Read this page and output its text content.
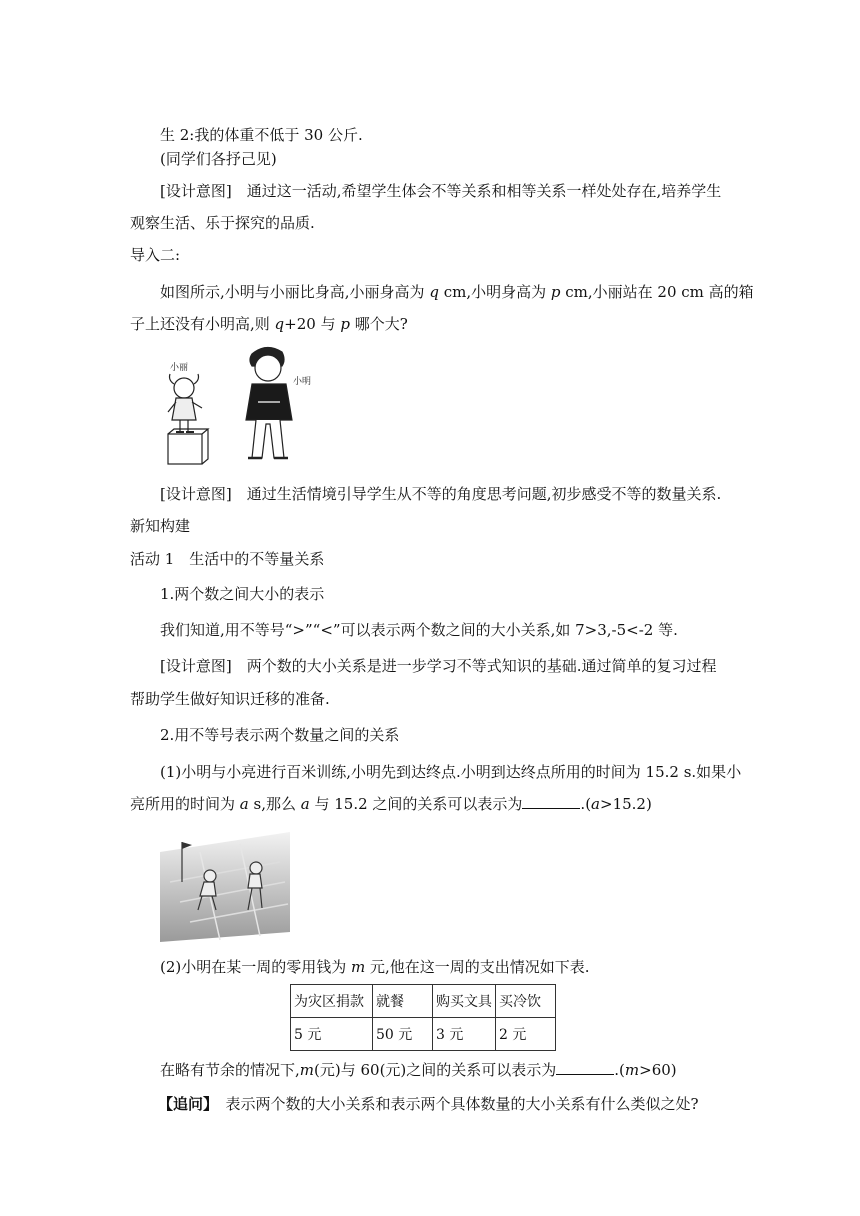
生 2:我的体重不低于 30 公斤.
(同学们各抒己见)
[设计意图]　通过这一活动,希望学生体会不等关系和相等关系一样处处存在,培养学生
观察生活、乐于探究的品质.
导入二:
如图所示,小明与小丽比身高,小丽身高为 q cm,小明身高为 p cm,小丽站在 20 cm 高的箱
子上还没有小明高,则 q+20 与 p 哪个大?
小丽
小明
[设计意图]　通过生活情境引导学生从不等的角度思考问题,初步感受不等的数量关系.
新知构建
活动 1　生活中的不等量关系
1.两个数之间大小的表示
我们知道,用不等号“>”“<”可以表示两个数之间的大小关系,如 7>3,-5<-2 等.
[设计意图]　两个数的大小关系是进一步学习不等式知识的基础.通过简单的复习过程
帮助学生做好知识迁移的准备.
2.用不等号表示两个数量之间的关系
(1)小明与小亮进行百米训练,小明先到达终点.小明到达终点所用的时间为 15.2 s.如果小
亮所用的时间为 a s,那么 a 与 15.2 之间的关系可以表示为	.(a>15.2)
(2)小明在某一周的零用钱为 m 元,他在这一周的支出情况如下表.
为灾区捐款	就餐	购买文具	买冷饮
5 元	50 元	3 元	2 元
在略有节余的情况下,m(元)与 60(元)之间的关系可以表示为	.(m>60)
【追问】　表示两个数的大小关系和表示两个具体数量的大小关系有什么类似之处?
